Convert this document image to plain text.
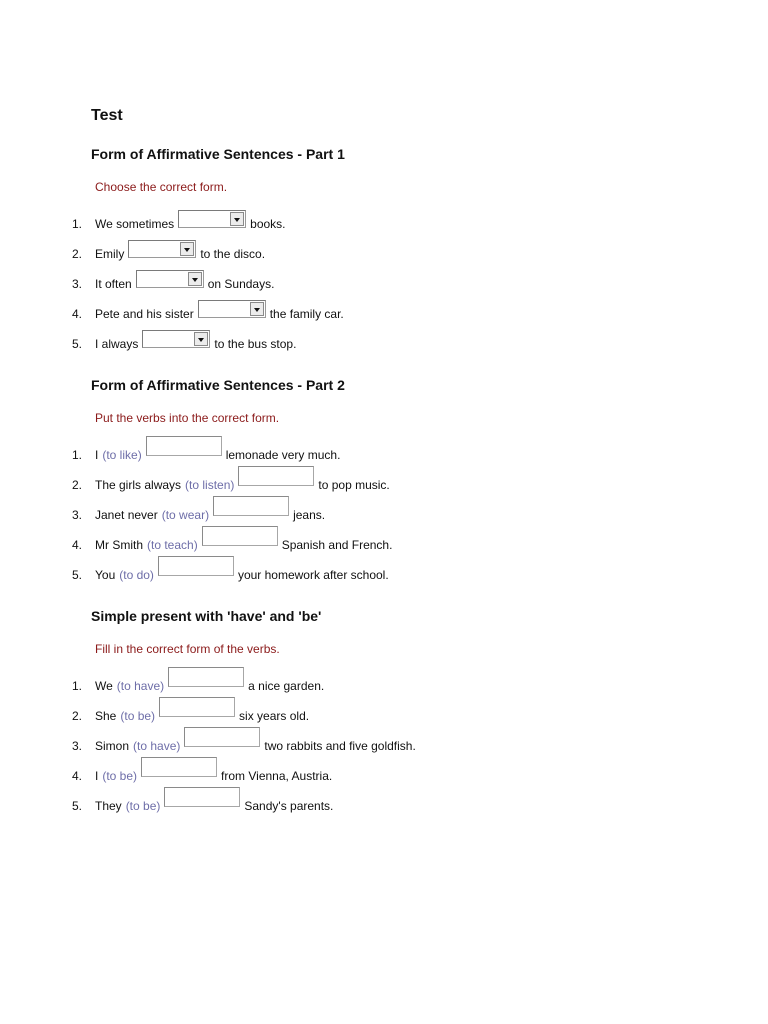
Test
Form of Affirmative Sentences - Part 1
Choose the correct form.
1. We sometimes	books.
2. Emily	to the disco.
3. It often	on Sundays.
4. Pete and his sister	the family car.
5. I always	to the bus stop.
Form of Affirmative Sentences - Part 2
Put the verbs into the correct form.
1. I (to like)	lemonade very much.
2. The girls always (to listen)	to pop music.
3. Janet never (to wear)	jeans.
4. Mr Smith (to teach)	Spanish and French.
5. You (to do)	your homework after school.
Simple present with 'have' and 'be'
Fill in the correct form of the verbs.
1. We (to have)	a nice garden.
2. She (to be)	six years old.
3. Simon (to have)	two rabbits and five goldfish.
4. I (to be)	from Vienna, Austria.
5. They (to be)	Sandy's parents.
